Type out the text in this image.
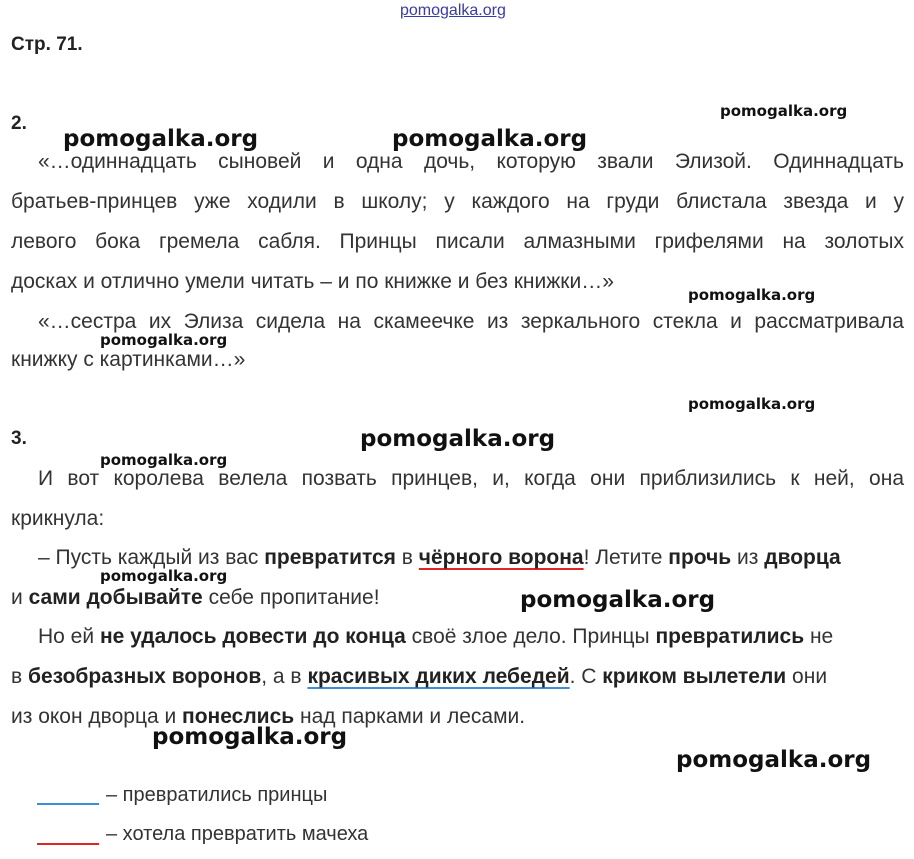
pomogalka.org
Стр. 71.
pomogalka.org
pomogalka.org	pomogalka.org
pomogalka.org
pomogalka.org
pomogalka.org
pomogalka.org
pomogalka.org
pomogalka.org
pomogalka.org
pomogalka.org
pomogalka.org
2.
«…одиннадцать сыновей и одна дочь, которую звали Элизой. Одиннадцать
братьев-принцев уже ходили в школу; у каждого на груди блистала звезда и у
левого бока гремела сабля. Принцы писали алмазными грифелями на золотых
досках и отлично умели читать – и по книжке и без книжки…»
«…сестра их Элиза сидела на скамеечке из зеркального стекла и рассматривала
книжку с картинками…»
3.
И вот королева велела позвать принцев, и, когда они приблизились к ней, она
крикнула:
– Пусть каждый из вас превратится в чёрного ворона! Летите прочь из дворца
и сами добывайте себе пропитание!
Но ей не удалось довести до конца своё злое дело. Принцы превратились не
в безобразных воронов, а в красивых диких лебедей. С криком вылетели они
из окон дворца и понеслись над парками и лесами.
– превратились принцы
– хотела превратить мачеха
